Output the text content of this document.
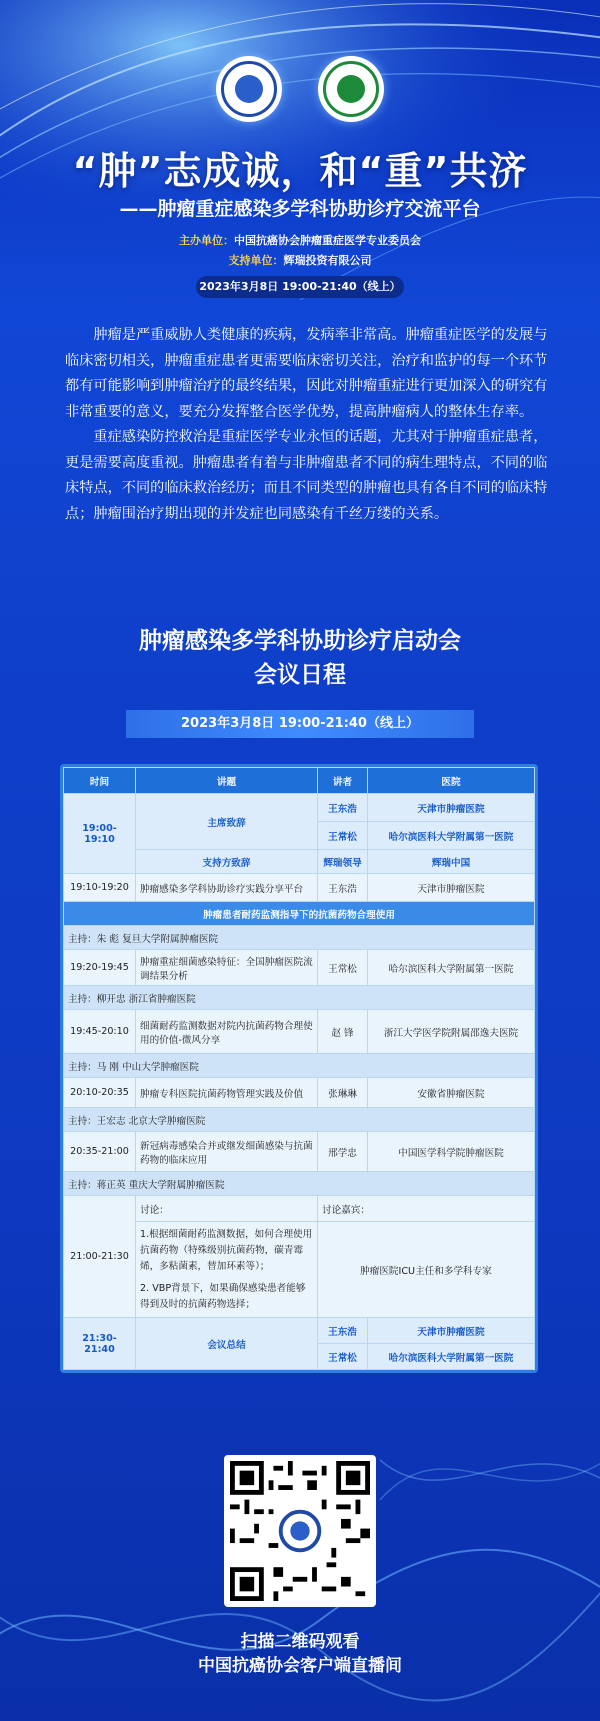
“肿”志成诚，和“重”共济
——肿瘤重症感染多学科协助诊疗交流平台
主办单位：中国抗癌协会肿瘤重症医学专业委员会
支持单位：辉瑞投资有限公司
2023年3月8日 19:00-21:40（线上）

肿瘤是严重威胁人类健康的疾病，发病率非常高。肿瘤重症医学的发展与临床密切相关，肿瘤重症患者更需要临床密切关注，治疗和监护的每一个环节都有可能影响到肿瘤治疗的最终结果，因此对肿瘤重症进行更加深入的研究有非常重要的意义，要充分发挥整合医学优势，提高肿瘤病人的整体生存率。

重症感染防控救治是重症医学专业永恒的话题，尤其对于肿瘤重症患者，更是需要高度重视。肿瘤患者有着与非肿瘤患者不同的病生理特点，不同的临床特点，不同的临床救治经历；而且不同类型的肿瘤也具有各自不同的临床特点；肿瘤围治疗期出现的并发症也同感染有千丝万缕的关系。

肿瘤感染多学科协助诊疗启动会
会议日程
2023年3月8日 19:00-21:40（线上）
时间	讲题	讲者	医院
19:00-19:10	主席致辞	王东浩	天津市肿瘤医院
		王常松	哈尔滨医科大学附属第一医院
	支持方致辞	辉瑞领导	辉瑞中国
19:10-19:20	肿瘤感染多学科协助诊疗实践分享平台	王东浩	天津市肿瘤医院
肿瘤患者耐药监测指导下的抗菌药物合理使用			
主持：朱 彪 复旦大学附属肿瘤医院			
19:20-19:45	肿瘤重症细菌感染特征：全国肿瘤医院流调结果分析	王常松	哈尔滨医科大学附属第一医院
主持：柳开忠 浙江省肿瘤医院			
19:45-20:10	细菌耐药监测数据对院内抗菌药物合理使用的价值-微风分享	赵 锋	浙江大学医学院附属邵逸夫医院
主持：马 刚 中山大学肿瘤医院			
20:10-20:35	肿瘤专科医院抗菌药物管理实践及价值	张琳琳	安徽省肿瘤医院
主持：王宏志 北京大学肿瘤医院			
20:35-21:00	新冠病毒感染合并或继发细菌感染与抗菌药物的临床应用	邢学忠	中国医学科学院肿瘤医院
主持：蒋正英 重庆大学附属肿瘤医院			
21:00-21:30	讨论：	讨论嘉宾：	

	1.根据细菌耐药监测数据，如何合理使用抗菌药物（特殊级别抗菌药物，碳青霉烯，多粘菌素，替加环素等）；
2. VBP背景下，如果确保感染患者能够得到及时的抗菌药物选择；	肿瘤医院ICU主任和多学科专家	
21:30-21:40	会议总结	王东浩	天津市肿瘤医院
		王常松	哈尔滨医科大学附属第一医院
扫描二维码观看
中国抗癌协会客户端直播间
